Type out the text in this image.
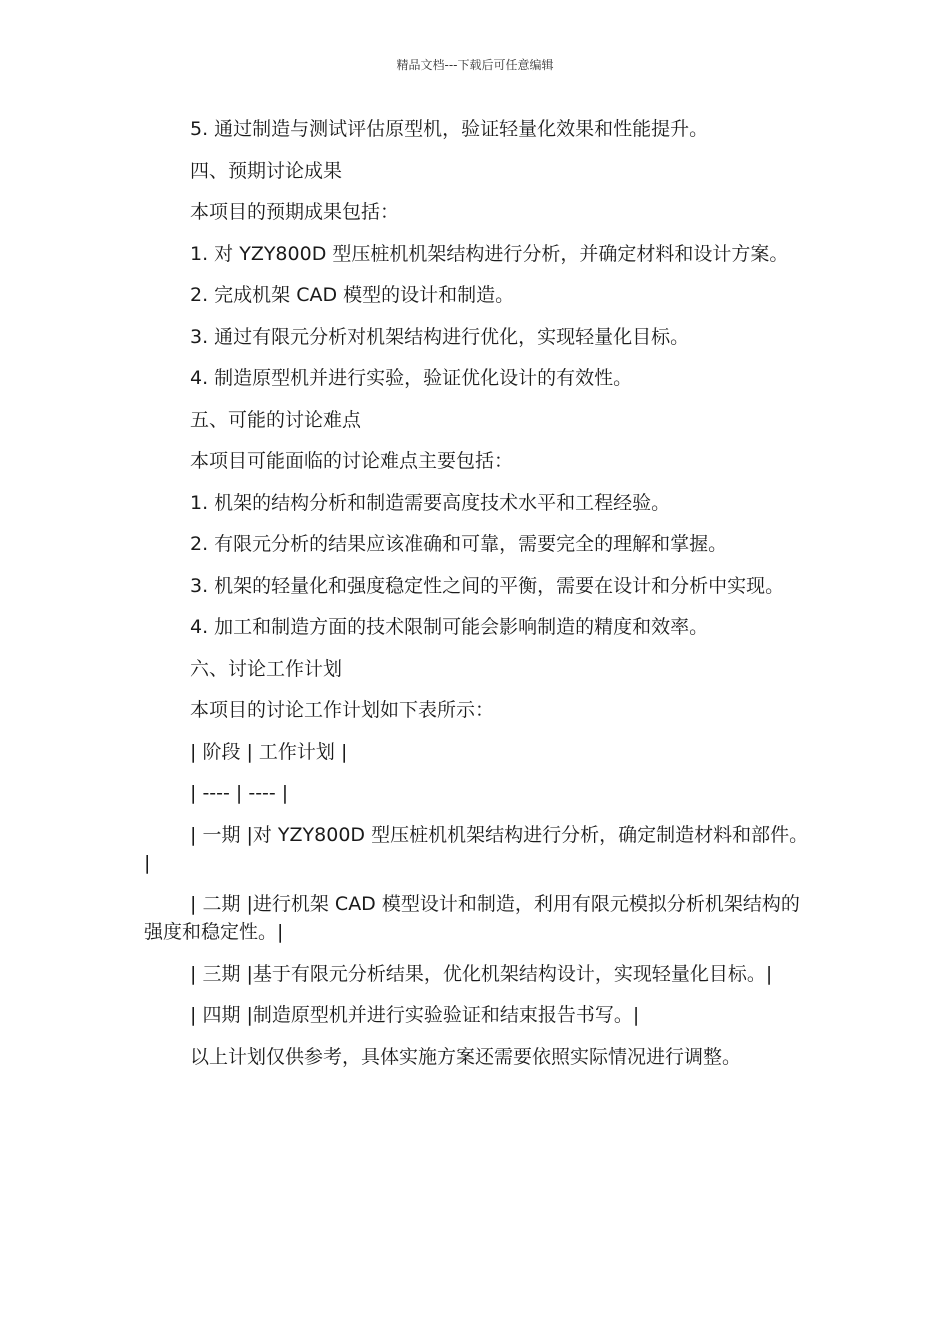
精品文档---下载后可任意编辑

5. 通过制造与测试评估原型机，验证轻量化效果和性能提升。

四、预期讨论成果

本项目的预期成果包括：

1. 对 YZY800D 型压桩机机架结构进行分析，并确定材料和设计方案。

2. 完成机架 CAD 模型的设计和制造。

3. 通过有限元分析对机架结构进行优化，实现轻量化目标。

4. 制造原型机并进行实验，验证优化设计的有效性。

五、可能的讨论难点

本项目可能面临的讨论难点主要包括：

1. 机架的结构分析和制造需要高度技术水平和工程经验。

2. 有限元分析的结果应该准确和可靠，需要完全的理解和掌握。

3. 机架的轻量化和强度稳定性之间的平衡，需要在设计和分析中实现。

4. 加工和制造方面的技术限制可能会影响制造的精度和效率。

六、讨论工作计划

本项目的讨论工作计划如下表所示：

| 阶段 | 工作计划 |

| ---- | ---- |

| 一期 |对 YZY800D 型压桩机机架结构进行分析，确定制造材料和部件。|

| 二期 |进行机架 CAD 模型设计和制造，利用有限元模拟分析机架结构的强度和稳定性。|

| 三期 |基于有限元分析结果，优化机架结构设计，实现轻量化目标。|

| 四期 |制造原型机并进行实验验证和结束报告书写。|

以上计划仅供参考，具体实施方案还需要依照实际情况进行调整。
